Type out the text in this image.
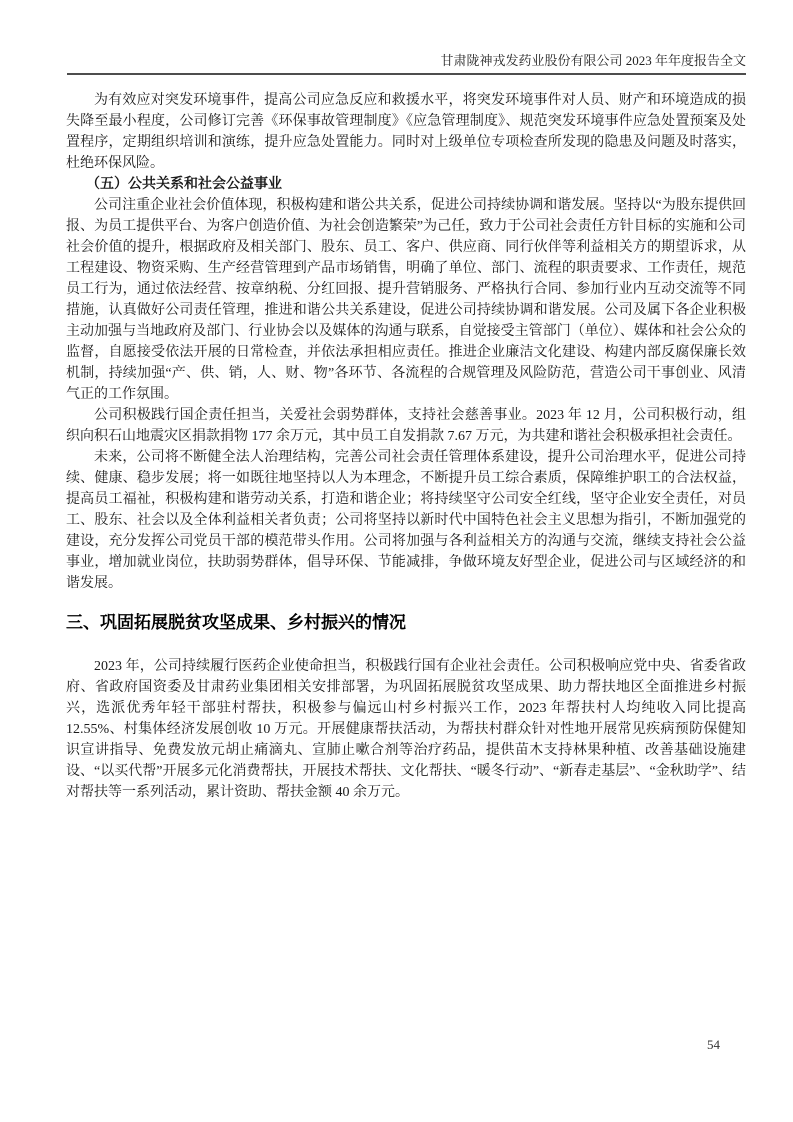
甘肃陇神戎发药业股份有限公司 2023 年年度报告全文

为有效应对突发环境事件，提高公司应急反应和救援水平，将突发环境事件对人员、财产和环境造成的损失降至最小程度，公司修订完善《环保事故管理制度》《应急管理制度》、规范突发环境事件应急处置预案及处置程序，定期组织培训和演练，提升应急处置能力。同时对上级单位专项检查所发现的隐患及问题及时落实，杜绝环保风险。

（五）公共关系和社会公益事业

公司注重企业社会价值体现，积极构建和谐公共关系，促进公司持续协调和谐发展。坚持以“为股东提供回报、为员工提供平台、为客户创造价值、为社会创造繁荣”为己任，致力于公司社会责任方针目标的实施和公司社会价值的提升，根据政府及相关部门、股东、员工、客户、供应商、同行伙伴等利益相关方的期望诉求，从工程建设、物资采购、生产经营管理到产品市场销售，明确了单位、部门、流程的职责要求、工作责任，规范员工行为，通过依法经营、按章纳税、分红回报、提升营销服务、严格执行合同、参加行业内互动交流等不同措施，认真做好公司责任管理，推进和谐公共关系建设，促进公司持续协调和谐发展。公司及属下各企业积极主动加强与当地政府及部门、行业协会以及媒体的沟通与联系，自觉接受主管部门（单位）、媒体和社会公众的监督，自愿接受依法开展的日常检查，并依法承担相应责任。推进企业廉洁文化建设、构建内部反腐保廉长效机制，持续加强“产、供、销，人、财、物”各环节、各流程的合规管理及风险防范，营造公司干事创业、风清气正的工作氛围。

公司积极践行国企责任担当，关爱社会弱势群体，支持社会慈善事业。2023 年 12 月，公司积极行动，组织向积石山地震灾区捐款捐物 177 余万元，其中员工自发捐款 7.67 万元，为共建和谐社会积极承担社会责任。

未来，公司将不断健全法人治理结构，完善公司社会责任管理体系建设，提升公司治理水平，促进公司持续、健康、稳步发展；将一如既往地坚持以人为本理念，不断提升员工综合素质，保障维护职工的合法权益，提高员工福祉，积极构建和谐劳动关系，打造和谐企业；将持续坚守公司安全红线，坚守企业安全责任，对员工、股东、社会以及全体利益相关者负责；公司将坚持以新时代中国特色社会主义思想为指引，不断加强党的建设，充分发挥公司党员干部的模范带头作用。公司将加强与各利益相关方的沟通与交流，继续支持社会公益事业，增加就业岗位，扶助弱势群体，倡导环保、节能减排，争做环境友好型企业，促进公司与区域经济的和谐发展。

三、巩固拓展脱贫攻坚成果、乡村振兴的情况

2023 年，公司持续履行医药企业使命担当，积极践行国有企业社会责任。公司积极响应党中央、省委省政府、省政府国资委及甘肃药业集团相关安排部署，为巩固拓展脱贫攻坚成果、助力帮扶地区全面推进乡村振兴，选派优秀年轻干部驻村帮扶，积极参与偏远山村乡村振兴工作，2023 年帮扶村人均纯收入同比提高 12.55%、村集体经济发展创收 10 万元。开展健康帮扶活动，为帮扶村群众针对性地开展常见疾病预防保健知识宣讲指导、免费发放元胡止痛滴丸、宣肺止嗽合剂等治疗药品，提供苗木支持林果种植、改善基础设施建设、“以买代帮”开展多元化消费帮扶，开展技术帮扶、文化帮扶、“暖冬行动”、“新春走基层”、“金秋助学”、结对帮扶等一系列活动，累计资助、帮扶金额 40 余万元。

54
